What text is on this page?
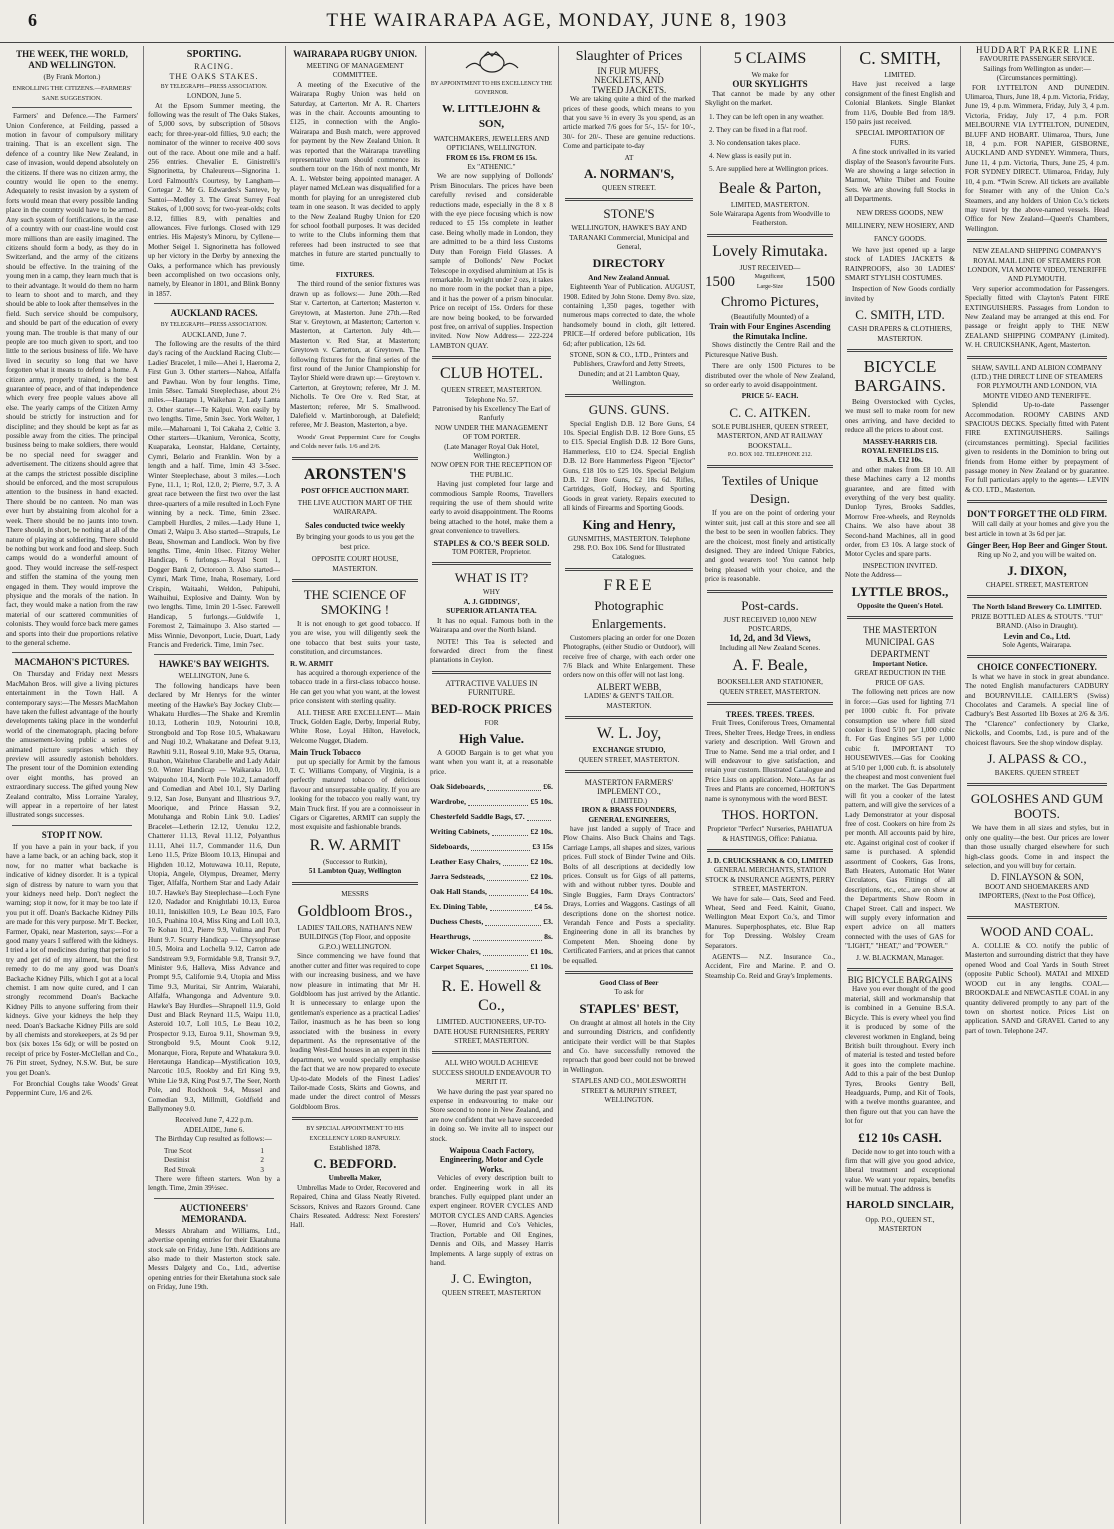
6	THE WAIRARAPA AGE, MONDAY, JUNE 8, 1903
THE WEEK, THE WORLD, AND WELLINGTON.
(By Frank Morton.)
ENROLLING THE CITIZENS.—FARMERS' SANE SUGGESTION.
Farmers' and Defence.—The Farmers' Union Conference, at Feilding, passed a motion in favour of compulsory military training. That is an excellent sign. The defence of a country like New Zealand, in case of invasion, would depend absolutely on the citizens. If there was no citizen army, the country would lie open to the enemy. Adequately to resist invasion by a system of forts would mean that every possible landing place in the country would have to be armed. Any such system of fortifications, in the case of a country with our coast-line would cost more millions than are easily imagined. The citizens should form a body, as they do in Switzerland, and the army of the citizens should be effective. In the training of the young men in a camp, they learn much that is to their advantage. It would do them no harm to learn to shoot and to march, and they should be able to look after themselves in the field. Such service should be compulsory, and should be part of the education of every young man. The trouble is that many of our people are too much given to sport, and too little to the serious business of life. We have lived in security so long that we have forgotten what it means to defend a home. A citizen army, properly trained, is the best guarantee of peace, and of that independence which every free people values above all else. The yearly camps of the Citizen Army should be strictly for instruction and for discipline; and they should be kept as far as possible away from the cities. The principal business being to make soldiers, there would be no special need for swagger and advertisement. The citizens should agree that at the camps the strictest possible discipline should be enforced, and the most scrupulous attention to the business in hand exacted. There should be no canteen. No man was ever hurt by abstaining from alcohol for a week. There should be no jaunts into town. There should, in short, be nothing at all of the nature of playing at soldiering. There should be nothing but work and food and sleep. Such camps would do a wonderful amount of good. They would increase the self-respect and stiffen the stamina of the young men engaged in them. They would improve the physique and the morals of the nation. In fact, they would make a nation from the raw material of our scattered communities of colonists. They would force back mere games and sports into their due proportions relative to the general scheme.
MACMAHON'S PICTURES.
On Thursday and Friday next Messrs MacMahon Bros. will give a living pictures entertainment in the Town Hall. A contemporary says:—The Messrs MacMahon have taken the fullest advantage of the hourly developments taking place in the wonderful world of the cinematograph, placing before the amusement-loving public a series of animated picture surprises which they preview will assuredly astonish beholders. The present tour of the Dominion extending over eight months, has proved an extraordinary success. The gifted young New Zealand contralto, Miss Lorraine Yaraley, will appear in a repertoire of her latest illustrated songs successes.
STOP IT NOW.
If you have a pain in your back, if you have a lame back, or an aching back, stop it now, for no matter what backache is indicative of kidney disorder. It is a typical sign of distress by nature to warn you that your kidneys need help. Don't neglect the warning; stop it now, for it may be too late if you put it off. Doan's Backache Kidney Pills are made for this very purpose. Mr T. Becker, Farmer, Opaki, near Masterton, says:—For a good many years I suffered with the kidneys. I tried a lot of medicines during that period to try and get rid of my ailment, but the first remedy to do me any good was Doan's Backache Kidney Pills, which I got at a local chemist. I am now quite cured, and I can strongly recommend Doan's Backache Kidney Pills to anyone suffering from their kidneys. Give your kidneys the help they need. Doan's Backache Kidney Pills are sold by all chemists and storekeepers, at 2s 9d per box (six boxes 15s 6d); or will be posted on receipt of price by Foster-McClellan and Co., 76 Pitt street, Sydney, N.S.W. But, be sure you get Doan's.
For Bronchial Coughs take Woods' Great Peppermint Cure, 1/6 and 2/6.
SPORTING.
RACING.
THE OAKS STAKES.
BY TELEGRAPH—PRESS ASSOCIATION.
LONDON, June 5.
At the Epsom Summer meeting, the following was the result of The Oaks Stakes, of 5,000 sovs, by subscription of 50sovs each; for three-year-old fillies, 9.0 each; the nominator of the winner to receive 400 sovs out of the race. About one mile and a half. 256 entries. Chevalier E. Ginistrelli's Signorinetta, by Chaleureux—Signorina 1. Lord Falmouth's Courtesy, by Langham—Cortegar 2. Mr G. Edwardes's Santeve, by Santoi—Medley 3. The Great Surrey Foal Stakes, of 1,000 sovs; for two-year-olds; colts 8.12, fillies 8.9, with penalties and allowances. Five furlongs. Closed with 129 entries. His Majesty's Minoru, by Cyllene—Mother Seigel 1. Signorinetta has followed up her victory in the Derby by annexing the Oaks, a performance which has previously been accomplished on two occasions only, namely, by Eleanor in 1801, and Blink Bonny in 1857.
AUCKLAND RACES.
BY TELEGRAPH—PRESS ASSOCIATION.
AUCKLAND, June 7.
The following are the results of the third day's racing of the Auckland Racing Club:— Ladies' Bracelet, 1 mile—Ahei 1, Haeroma 2, First Gun 3. Other starters—Nahoa, Alfalfa and Pawhau. Won by four lengths. Time, 1min 58sec. Tamaki Steeplechase, about 2½ miles.—Hautapu 1, Waikehau 2, Lady Lanta 3. Other starter—Te Kalpui. Won easily by two lengths. Time, 5min 3sec. York Welter, 1 mile.—Maharoani 1, Toi Cakaha 2, Celtic 3. Other starters—Ukanium, Veronica, Scotty, Kuaparaka, Leonstar, Haldane, Certainty, Cymri, Belario and Franklin. Won by a length and a half. Time, 1min 43 3-5sec. Winter Steeplechase, about 3 miles.—Loch Fyne, 11.1, 1; Rol, 12.0, 2; Pierre, 9.7, 3. A great race between the first two over the last three-quarters of a mile resulted in Loch Fyne winning by a neck. Time, 6min 23sec. Campbell Hurdles, 2 miles.—Lady Hune 1, Omati 2, Waipu 3. Also started—Strapuls, Le Beau, Showman and Landlock. Won by five lengths. Time, 4min 10sec. Fitzroy Welter Handicap, 6 furlongs.—Royal Scott 1, Dogger Bank 2, Octoroon 3. Also started—Cymri, Mark Time, Inaha, Rosemary, Lord Crispin, Waitaahi, Weldon, Puhipuhi, Waihuihui, Explosive and Dainty. Won by two lengths. Time, 1min 20 1-5sec. Farewell Handicap, 5 furlongs.—Guldwife 1, Foremost 2, Taimainupo 3. Also started — Miss Winnie, Devonport, Lucie, Duart, Lady Francis and Frederick. Time, 1min 7sec.
HAWKE'S BAY WEIGHTS.
WELLINGTON, June 6.
The following handicaps have been declared by Mr Henrys for the winter meeting of the Hawke's Bay Jockey Club:— Whakatu Hurdles—The Shake and Kremlin 10.13, Lotherin 10.9, Notourini 10.8, Strongbold and Top Rose 10.5, Whakawaru and Nugi 10.2, Whakatane and Defeat 9.13, Rawhiti 9.11, Roseal 9.10, Make 9.5, Otarua, Ruahon, Waitehue Clarabelle and Lady Adair 9.0. Winter Handicap — Waikaraka 10.0, Waipuoho 10.4, North Pole 10.2, Lamadorff and Comedian and Abel 10.1, Sly Darling 9.12, San Jose, Bunyant and Illustrious 9.7, Moorique, and Prince Hassan 9.2, Motuhanga and Robin Link 9.0. Ladies' Bracelet—Letherin 12.12, Uenuku 12.2, Chatterer 11.13, Reval 11.12, Polyanthus 11.11, Ahei 11.7, Commander 11.6, Dun Leno 11.5, Prize Bloom 10.13, Hinupai and Highden 10.12, Motuwawa 10.11, Repute, Utopia, Angele, Olympus, Dreamer, Merry Tiger, Alfalfa, Northern Star and Lady Adair 10.7. Hawke's Bay Steeplechase—Loch Fyne 12.0, Nadador and Knightlabi 10.13, Euroa 10.11, Inniskillen 10.9, Le Beau 10.5, Faro 10.5, Puahina 10.4, Miss King and Loll 10.3, Te Kohau 10.2, Pierre 9.9, Vulima and Port Hunt 9.7. Scurry Handicap — Chrysophrase 10.5, Moira and Lochella 9.12, Carron ade Sandstream 9.9, Formidable 9.8, Transit 9.7, Minister 9.6, Halleva, Miss Advance and Prompt 9.5, Californie 9.4, Utopia and Miss Time 9.3, Muritai, Sir Antrim, Waiarahi, Alfalfa, Whangonga and Adventure 9.0. Hawke's Bay Hurdles—Shrapnell 11.9, Gold Dust and Black Reynard 11.5, Waipu 11.0, Asteroid 10.7, Loll 10.5, Le Beau 10.2, Prospector 9.13, Euroa 9.11, Showman 9.9, Strongbold 9.5, Mount Cook 9.12, Monarque, Fiora, Repute and Whatakura 9.0. Heretaunga Handicap—Mystification 10.9, Narcotic 10.5, Rookby and Erl King 9.9, White Lie 9.8, King Post 9.7, The Seer, North Pole, and Rockhook 9.4, Mussel and Comedian 9.3, Millmill, Goldfield and Ballymoney 9.0.
Received June 7, 4.22 p.m.
ADELAIDE, June 6.
The Birthday Cup resulted as follows:—
True Scot	1
Destinist	2
Red Streak	3
There were fifteen starters. Won by a length. Time, 2min 39½sec.
AUCTIONEERS' MEMORANDA.
Messrs Abraham and Williams, Ltd., advertise opening entries for their Ekatahuna stock sale on Friday, June 19th. Additions are also made to their Masterton stock sale. Messrs Dalgety and Co., Ltd., advertise opening entries for their Eketahuna stock sale on Friday, June 19th.
WAIRARAPA RUGBY UNION.
MEETING OF MANAGEMENT COMMITTEE.
A meeting of the Executive of the Wairarapa Rugby Union was held on Saturday, at Carterton. Mr A. R. Charters was in the chair. Accounts amounting to £125, in connection with the Anglo-Wairarapa and Bush match, were approved for payment by the New Zealand Union. It was reported that the Wairarapa travelling representative team should commence its southern tour on the 16th of next month, Mr A. L. Webster being appointed manager. A player named McLean was disqualified for a month for playing for an unregistered club team in one season. It was decided to apply to the New Zealand Rugby Union for £20 for school football purposes. It was decided to write to the Clubs informing them that referees had been instructed to see that matches in future are started punctually to time.
FIXTURES.
The third round of the senior fixtures was drawn up as follows:— June 20th.—Red Star v. Carterton, at Carterton; Masterton v. Greytown, at Masterton. June 27th.—Red Star v. Greytown, at Masterton; Carterton v. Masterton, at Carterton. July 4th.—Masterton v. Red Star, at Masterton; Greytown v. Carterton, at Greytown. The following fixtures for the final series of the first round of the Junior Championship for Taylor Shield were drawn up:— Greytown v. Carterton, at Greytown; referee, Mr J. M. Nicholls. Te Ore Ore v. Red Star, at Masterton; referee, Mr S. Smallwood. Dalefield v. Martinborough, at Dalefield; referee, Mr J. Beaston, Masterton, a bye.
Woods' Great Peppermint Cure for Coughs and Colds never fails. 1/6 and 2/6.
ARONSTEN'S
POST OFFICE AUCTION MART.
THE LIVE AUCTION MART OF THE WAIRARAPA.
Sales conducted twice weekly
By bringing your goods to us you get the best price.
OPPOSITE COURT HOUSE, MASTERTON.
THE SCIENCE OF SMOKING !
It is not enough to get good tobacco. If you are wise, you will diligently seek the one tobacco that best suits your taste, constitution, and circumstances.
R. W. ARMIT
has acquired a thorough experience of the tobacco trade in a first-class tobacco house. He can get you what you want, at the lowest price consistent with sterling quality.
ALL THESE ARE EXCELLENT— Main Truck, Golden Eagle, Derby, Imperial Ruby, White Rose, Loyal Hilton, Havelock, Welcome Nugget, Diadem.
Main Truck Tobacco
put up specially for Armit by the famous T. C. Williams Company, of Virginia, is a perfectly matured tobacco of delicious flavour and unsurpassable quality. If you are looking for the tobacco you really want, try Main Truck first. If you are a connoisseur in Cigars or Cigarettes, ARMIT can supply the most exquisite and fashionable brands.
R. W. ARMIT
(Successor to Rutkin),
51 Lambton Quay, Wellington
MESSRS
Goldbloom Bros.,
LADIES' TAILORS, NATHAN'S NEW BUILDINGS (Top Floor, and opposite G.P.O.) WELLINGTON.
Since commencing we have found that another cutter and fitter was required to cope with our increasing business, and we have now pleasure in intimating that Mr H. Goldbloom has just arrived by the Atlantic. It is unnecessary to enlarge upon the gentleman's experience as a practical Ladies' Tailor, inasmuch as he has been so long associated with the business in every department. As the representative of the leading West-End houses in an expert in this department, we would specially emphasise the fact that we are now prepared to execute Up-to-date Models of the Finest Ladies' Tailor-made Costs, Skirts and Gowns, and made under the direct control of Messrs Goldbloom Bros.
BY SPECIAL APPOINTMENT TO HIS EXCELLENCY LORD RANFURLY.
Established 1878.
C. BEDFORD.
Umbrella Maker,
Umbrellas Made to Order, Recovered and Repaired, China and Glass Neatly Riveted. Scissors, Knives and Razors Ground. Cane Chairs Reseated. Address: Next Foresters' Hall.
BY APPOINTMENT TO HIS EXCELLENCY THE GOVERNOR.
W. LITTLEJOHN & SON,
WATCHMAKERS, JEWELLERS AND OPTICIANS, WELLINGTON.
FROM £6 15s. FROM £6 15s.
Ex "ATHENIC."
We are now supplying of Dollonds' Prism Binoculars. The prices have been carefully revised and considerable reductions made, especially in the 8 x 8 with the eye piece focusing which is now reduced to £5 15s complete in leather case. Being wholly made in London, they are admitted to be a third less Customs Duty than Foreign Field Glasses. A sample of Dollonds' New Pocket Telescope in oxydised aluminium at 15s is remarkable. In weight under 2 ozs, it takes no more room in the pocket than a pipe, and it has the power of a prism binocular. Price on receipt of 15s. Orders for these are now being booked, to be forwarded post free, on arrival of supplies. Inspection invited. Now Now Address— 222-224 LAMBTON QUAY.
CLUB HOTEL.
QUEEN STREET, MASTERTON. Telephone No. 57.
Patronised by his Excellency The Earl of Ranfurly
NOW UNDER THE MANAGEMENT OF TOM PORTER.
(Late Manager Royal Oak Hotel, Wellington.)
NOW OPEN FOR THE RECEPTION OF THE PUBLIC.
Having just completed four large and commodious Sample Rooms, Travellers requiring the use of them should write early to avoid disappointment. The Rooms being attached to the hotel, make them a great convenience to travellers.
STAPLES & CO.'S BEER SOLD.
TOM PORTER, Proprietor.
WHAT IS IT?
WHY
A. J. GIDDINGS',
SUPERIOR ATLANTA TEA.
It has no equal. Famous both in the Wairarapa and over the North Island.
NOTE! This Tea is selected and forwarded direct from the finest plantations in Ceylon.
ATTRACTIVE VALUES IN FURNITURE.
BED-ROCK PRICES
FOR
High Value.
A GOOD Bargain is to get what you want when you want it, at a reasonable price.
Oak Sideboards,	£6.
Wardrobe,	£5 10s.
Chesterfeld Saddle Bags, £7.
Writing Cabinets,	£2 10s.
Sideboards,	£3 15s
Leather Easy Chairs,	£2 10s.
Jarra Sedsteads,	£2 10s.
Oak Hall Stands,	£4 10s.
Ex. Dining Table,	£4 5s.
Duchess Chests,	£3.
Hearthrugs,	8s.
Wicker Chairs,	£1 10s.
Carpet Squares,	£1 10s.
R. E. Howell & Co.,
LIMITED. AUCTIONEERS, UP-TO-DATE HOUSE FURNISHERS, PERRY STREET, MASTERTON.
ALL WHO WOULD ACHIEVE SUCCESS SHOULD ENDEAVOUR TO MERIT IT.
We have during the past year spared no expense in endeavouring to make our Store second to none in New Zealand, and are now confident that we have succeeded in doing so. We invite all to inspect our stock.
Waipoua Coach Factory, Engineering, Motor and Cycle Works.
Vehicles of every description built to order. Engineering work in all its branches. Fully equipped plant under an expert engineer. ROVER CYCLES AND MOTOR CYCLES AND CARS. Agencies—Rover, Humrid and Co's Vehicles, Traction, Portable and Oil Engines, Dennis and Oils, and Massey Harris Implements. A large supply of extras on hand.
J. C. Ewington,
QUEEN STREET, MASTERTON
Slaughter of Prices
IN FUR MUFFS,
NECKLETS, AND
TWEED JACKETS.
We are taking quite a third of the marked prices of these goods, which means to you that you save ⅓ in every 3s you spend, as an article marked 7/6 goes for 5/-, 15/- for 10/-, 30/- for 20/-. These are genuine reductions. Come and participate to-day
AT
A. NORMAN'S,
QUEEN STREET.
STONE'S
WELLINGTON, HAWKE'S BAY AND TARANAKI Commercial, Municipal and General,
DIRECTORY
And New Zealand Annual.
Eighteenth Year of Publication. AUGUST, 1908. Edited by John Stone. Demy 8vo. size, containing 1,350 pages, together with numerous maps corrected to date, the whole handsomely bound in cloth, gilt lettered. PRICE—If ordered before publication, 10s 6d; after publication, 12s 6d.
STONE, SON & CO., LTD., Printers and Publishers, Crawford and Jetty Streets, Dunedin; and at 21 Lambton Quay, Wellington.
GUNS. GUNS.
Special English D.B. 12 Bore Guns, £4 10s. Special English D.B. 12 Bore Guns, £5 to £15. Special English D.B. 12 Bore Guns, Hammerless, £10 to £24. Special English D.B. 12 Bore Hammerless Pigeon "Ejector" Guns, £18 10s to £25 10s. Special Belgium D.B. 12 Bore Guns, £2 18s 6d. Rifles, Cartridges, Golf, Hockey, and Sporting Goods in great variety. Repairs executed to all kinds of Firearms and Sporting Goods.
King and Henry,
GUNSMITHS, MASTERTON. Telephone 298. P.O. Box 106. Send for Illustrated Catalogues.
FREE
Photographic
Enlargements.
Customers placing an order for one Dozen Photographs, (either Studio or Outdoor), will receive free of charge, with each order one 7/6 Black and White Enlargement. These orders now on this offer will not last long.
ALBERT WEBB,
LADIES' & GENT'S TAILOR. MASTERTON.
W. L. Joy,
EXCHANGE STUDIO,
QUEEN STREET, MASTERTON.
MASTERTON FARMERS'
IMPLEMENT CO.,
(LIMITED.)
IRON & BRASS FOUNDERS,
GENERAL ENGINEERS,
have just landed a supply of Trace and Plow Chains. Also Buck Chains and Tags. Carriage Lamps, all shapes and sizes, various prices. Full stock of Binder Twine and Oils. Bolts of all descriptions at decidedly low prices. Consult us for Gigs of all patterns, with and without rubber tyres. Double and Single Buggies, Farm Drays Contractors' Drays, Lorries and Waggons. Castings of all descriptions done on the shortest notice. Verandah Fence and Posts a speciality. Engineering done in all its branches by Competent Men. Shoeing done by Certificated Farriers, and at prices that cannot be equalled.
Good Class of Beer
To ask for
STAPLES' BEST,
On draught at almost all hotels in the City and surrounding Districts, and confidently anticipate their verdict will be that Staples and Co. have successfully removed the reproach that good beer could not be brewed in Wellington.
STAPLES AND CO., MOLESWORTH STREET & MURPHY STREET, WELLINGTON.
5 CLAIMS
We make for
OUR SKYLIGHTS
That cannot be made by any other Skylight on the market.
1. They can be left open in any weather.
2. They can be fixed in a flat roof.
3. No condensation takes place.
4. New glass is easily put in.
5. Are supplied here at Wellington prices.
Beale & Parton,
LIMITED, MASTERTON.
Sole Wairarapa Agents from Woodville to Featherston.
Lovely Rimutaka.
JUST RECEIVED—
1500	Magnificent, Large-Size	1500
Chromo Pictures,
(Beautifully Mounted) of a
Train with Four Engines Ascending the Rimutaka Incline.
Shows distinctly the Centre Rail and the Picturesque Native Bush.
There are only 1500 Pictures to be distributed over the whole of New Zealand, so order early to avoid disappointment.
PRICE 5/- EACH.
C. C. AITKEN.
SOLE PUBLISHER, QUEEN STREET, MASTERTON, AND AT RAILWAY BOOKSTALL.
P.O. BOX 102. TELEPHONE 212.
Textiles of Unique
Design.
If you are on the point of ordering your winter suit, just call at this store and see all the best to be seen in woollen fabrics. They are the choicest, most finely and artistically designed. They are indeed Unique Fabrics, and good wearers too! You cannot help being pleased with your choice, and the price is reasonable.
Post-cards.
JUST RECEIVED 10,000 NEW POSTCARDS,
1d, 2d, and 3d Views,
Including all New Zealand Scenes.
A. F. Beale,
BOOKSELLER AND STATIONER, QUEEN STREET, MASTERTON.
TREES. TREES. TREES.
Fruit Trees, Coniferous Trees, Ornamental Trees, Shelter Trees, Hedge Trees, in endless variety and description. Well Grown and True to Name. Send me a trial order, and I will endeavour to give satisfaction, and retain your custom. Illustrated Catalogue and Price Lists on application. Note—As far as Trees and Plants are concerned, HORTON'S name is synonymous with the word BEST.
THOS. HORTON.
Proprietor "Perfect" Nurseries, PAHIATUA & HASTINGS, Office: Pahiatua.
J. D. CRUICKSHANK & CO, LIMITED
GENERAL MERCHANTS, STATION STOCK & INSURANCE AGENTS, PERRY STREET, MASTERTON.
We have for sale— Oats, Seed and Feed. Wheat, Seed and Feed. Kainit, Guano, Wellington Meat Export Co.'s, and Timor Manures. Superphosphates, etc. Blue Rap for Top Dressing. Wolsley Cream Separators.
AGENTS— N.Z. Insurance Co., Accident, Fire and Marine. P. and O. Steamship Co. Reid and Gray's Implements.
C. SMITH,
LIMITED.
Have just received a large consignment of the finest English and Colonial Blankets. Single Blanket from 11/6, Double Bed from 18/9. 150 pairs just received.
SPECIAL IMPORTATION OF FURS.
A fine stock unrivalled in its varied display of the Season's favourite Furs. We are showing a large selection in Marmot, White Thibet and Fouine Sets. We are showing full Stocks in all Departments.
NEW DRESS GOODS, NEW MILLINERY, NEW HOSIERY, AND FANCY GOODS.
We have just opened up a large stock of LADIES JACKETS & RAINPROOFS, also 30 LADIES' SMART STYLISH COSTUMES.
Inspection of New Goods cordially invited by
C. SMITH, LTD.
CASH DRAPERS & CLOTHIERS, MASTERTON.
BICYCLE BARGAINS.
Being Overstocked with Cycles, we must sell to make room for new ones arriving, and have decided to reduce all the prices to about cost.
MASSEY-HARRIS £18.
ROYAL ENFIELDS £15.
B.S.A. £12 10s.
and other makes from £8 10. All these Machines carry a 12 months guarantee, and are fitted with everything of the very best quality. Dunlop Tyres, Brooks Saddles, Morrow Free-wheels, and Reynolds Chains. We also have about 38 Second-hand Machines, all in good order, from £3 10s. A large stock of Motor Cycles and spare parts.
INSPECTION INVITED.
Note the Address—
LYTTLE BROS.,
Opposite the Queen's Hotel.
THE MASTERTON MUNICIPAL GAS DEPARTMENT
Important Notice.
GREAT REDUCTION IN THE PRICE OF GAS.
The following nett prices are now in force:—Gas used for lighting 7/1 per 1000 cubic ft. For private consumption use where full sized cooker is fixed 5/10 per 1,000 cubic ft. For Gas Engines 5/5 per 1,000 cubic ft. IMPORTANT TO HOUSEWIVES.—Gas for Cooking at 5/10 per 1,000 cub. ft. is absolutely the cheapest and most convenient fuel on the market. The Gas Department will fit you a cooker of the latest pattern, and will give the services of a Lady Demonstrator at your disposal free of cost. Cookers on hire from 2s per month. All accounts paid by hire, etc. Against original cost of cooker if same is purchased. A splendid assortment of Cookers, Gas Irons, Bath Heaters, Automatic Hot Water Circulators, Gas Fittings of all descriptions, etc., etc., are on show at the Departments Show Room in Chapel Street. Call and inspect. We will supply every information and expert advice on all matters connected with the uses of GAS for "LIGHT," "HEAT," and "POWER."
J. W. BLACKMAN, Manager.
BIG BICYCLE BARGAINS
Have you ever thought of the good material, skill and workmanship that is combined in a Genuine B.S.A. Bicycle. This is every wheel you find it is produced by some of the cleverest workmen in England, being British built throughout. Every inch of material is tested and tested before it goes into the complete machine. Add to this a pair of the best Dunlop Tyres, Brooks Gentry Bell, Headguards, Pump, and Kit of Tools, with a twelve months guarantee, and then figure out that you can have the lot for
£12 10s CASH.
Decide now to get into touch with a firm that will give you good advice, liberal treatment and exceptional value. We want your repairs, benefits will be mutual. The address is
HAROLD SINCLAIR,
Opp. P.O., QUEEN ST., MASTERTON
HUDDART PARKER LINE
FAVOURITE PASSENGER SERVICE.
Sailings from Wellington as under:—(Circumstances permitting).
FOR LYTTELTON AND DUNEDIN. Ulimaroa, Thurs, June 18, 4 p.m. Victoria, Friday, June 19, 4 p.m. Wimmera, Friday, July 3, 4 p.m. Victoria, Friday, July 17, 4 p.m. FOR MELBOURNE VIA LYTTELTON, DUNEDIN, BLUFF AND HOBART. Ulimaroa, Thurs, June 18, 4 p.m. FOR NAPIER, GISBORNE, AUCKLAND AND SYDNEY. Wimmera, Thurs, June 11, 4 p.m. Victoria, Thurs, June 25, 4 p.m. FOR SYDNEY DIRECT. Ulimaroa, Friday, July 10, 4 p.m. *Twin Screw. All tickets are available for Steamer with any of the Union Co.'s Steamers, and any holders of Union Co.'s tickets may travel by the above-named vessels. Head Office for New Zealand—Queen's Chambers, Wellington.
NEW ZEALAND SHIPPING COMPANY'S ROYAL MAIL LINE OF STEAMERS FOR LONDON, VIA MONTE VIDEO, TENERIFFE AND PLYMOUTH.
Very superior accommodation for Passengers. Specially fitted with Clayton's Patent FIRE EXTINGUISHERS. Passages from London to New Zealand may be arranged at this end. For passage or freight apply to THE NEW ZEALAND SHIPPING COMPANY (Limited). W. H. CRUICKSHANK, Agent, Masterton.
SHAW, SAVILL AND ALBION COMPANY (LTD.) THE DIRECT LINE OF STEAMERS FOR PLYMOUTH AND LONDON, VIA MONTE VIDEO AND TENERIFFE.
Splendid Up-to-date Passenger Accommodation. ROOMY CABINS AND SPACIOUS DECKS. Specially fitted with Patent FIRE EXTINGUISHERS. Sailings (circumstances permitting). Special facilities given to residents in the Dominion to bring out friends from Home either by prepayment of passage money in New Zealand or by guarantee. For full particulars apply to the agents— LEVIN & CO. LTD., Masterton.
DON'T FORGET THE OLD FIRM.
Will call daily at your homes and give you the best article in town at 3s 6d per jar.
Ginger Beer, Hop Beer and Ginger Stout.
Ring up No 2, and you will be waited on.
J. DIXON,
CHAPEL STREET, MASTERTON
The North Island Brewery Co. LIMITED.
PRIZE BOTTLED ALES & STOUTS. "TUI" BRAND. (Also in Draught).
Levin and Co., Ltd.
Sole Agents, Wairarapa.
CHOICE CONFECTIONERY.
Is what we have in stock in great abundance. The noted English manufacturers CADBURY and BOURNVILLE. CAILLER'S (Swiss) Chocolates and Caramels. A special line of Cadbury's Best Assorted 1lb Boxes at 2/6 & 3/6. The "Clarence" confectionery by Clarke, Nickolls, and Coombs, Ltd., is pure and of the choicest flavours. See the shop window display.
J. ALPASS & CO.,
BAKERS. QUEEN STREET
GOLOSHES AND GUM BOOTS.
We have them in all sizes and styles, but in only one quality—the best. Our prices are lower than those usually charged elsewhere for such high-class goods. Come in and inspect the selection, and you will buy for certain.
D. FINLAYSON & SON,
BOOT AND SHOEMAKERS AND IMPORTERS, (Next to the Post Office), MASTERTON.
WOOD AND COAL.
A. COLLIE & CO. notify the public of Masterton and surrounding district that they have opened Wood and Coal Yards in South Street (opposite Public School). MATAI and MIXED WOOD cut in any lengths. COAL—BROOKDALE and NEWCASTLE COAL in any quantity delivered promptly to any part of the town on shortest notice. Prices List on application. SAND and GRAVEL Carted to any part of town. Telephone 247.
